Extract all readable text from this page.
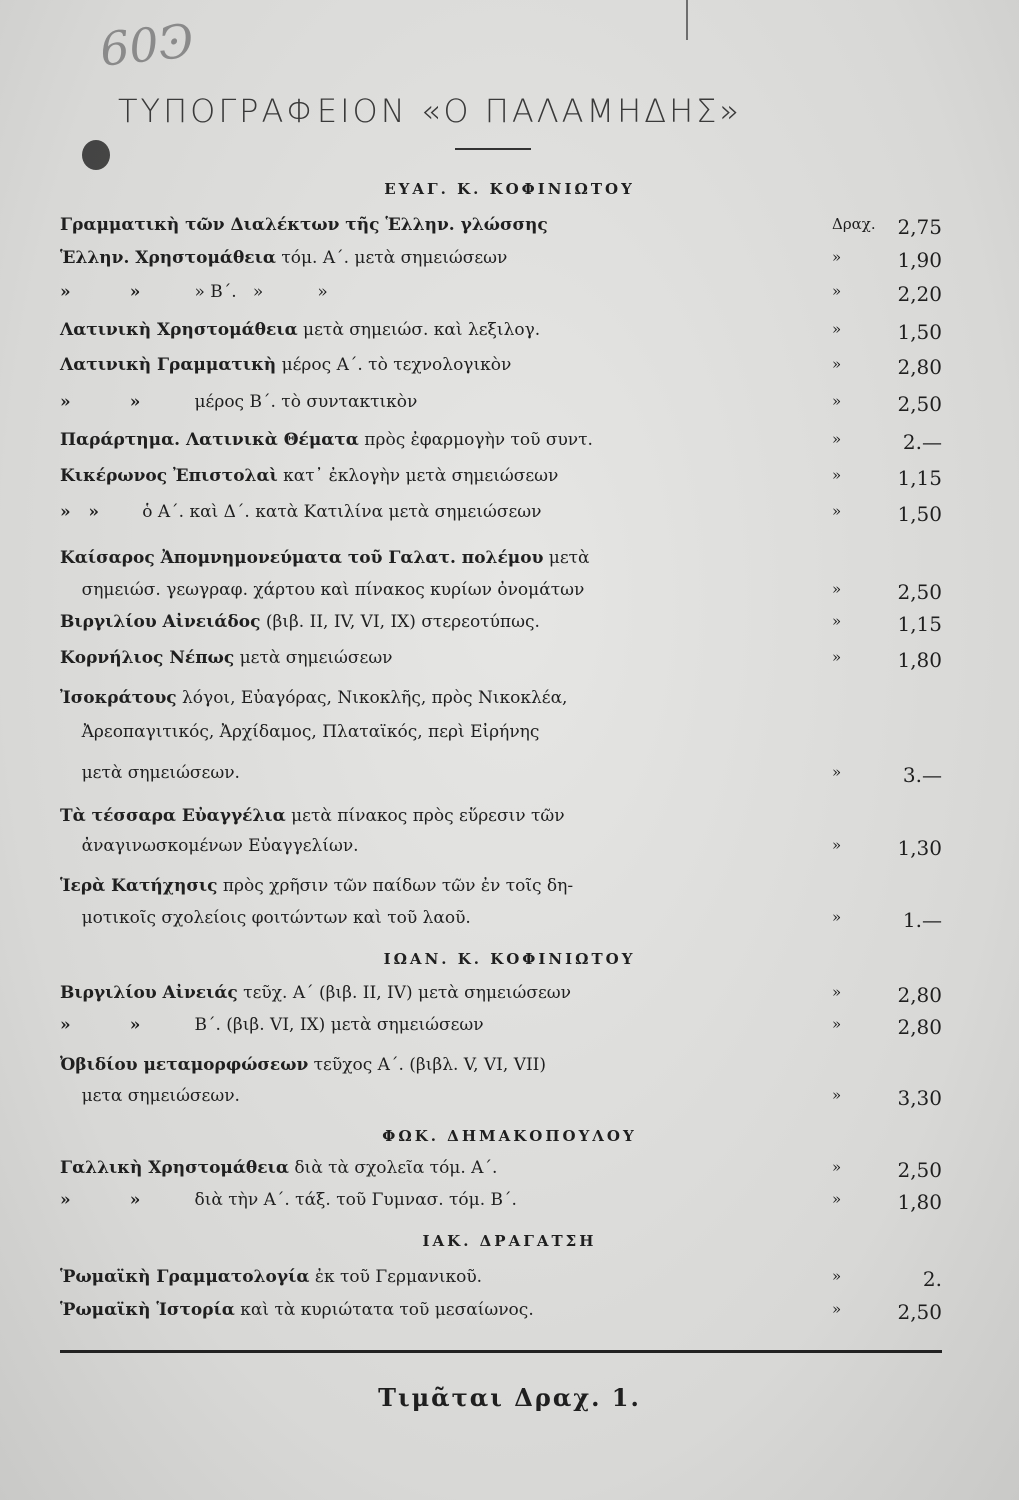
60Ͽ
ΤΥΠΟΓΡΑΦΕΙΟΝ «Ο ΠΑΛΑΜΗΔΗΣ»
ΕΥΑΓ. Κ. ΚΟΦΙΝΙΩΤΟΥ
ΙΩΑΝ. Κ. ΚΟΦΙΝΙΩΤΟΥ
ΦΩΚ. ΔΗΜΑΚΟΠΟΥΛΟΥ
ΙΑΚ. ΔΡΑΓΑΤΣΗ
Γραμματικὴ τῶν Διαλέκτων τῆς Ἑλλην. γλώσσης	Δραχ. 2,75
Ἑλλην. Χρηστομάθεια τόμ. Α΄. μετὰ σημειώσεων	»	1,90
»          »          » Β΄.   »          »	»	2,20
Λατινικὴ Χρηστομάθεια μετὰ σημειώσ. καὶ λεξιλογ.	»	1,50
Λατινικὴ Γραμματικὴ μέρος Α΄. τὸ τεχνολογικὸν	»	2,80
»          »          μέρος Β΄. τὸ συντακτικὸν	»	2,50
Παράρτημα. Λατινικὰ Θέματα πρὸς ἐφαρμογὴν τοῦ συντ.	»	2.—
Κικέρωνος Ἐπιστολαὶ κατ᾽ ἐκλογὴν μετὰ σημειώσεων	»	1,15
»   »        ὁ Α΄. καὶ Δ΄. κατὰ Κατιλίνα μετὰ σημειώσεων	»	1,50
Καίσαρος Ἀπομνημονεύματα τοῦ Γαλατ. πολέμου μετὰ
σημειώσ. γεωγραφ. χάρτου καὶ πίνακος κυρίων ὀνομάτων	»	2,50
Βιργιλίου Αἰνειάδος (βιβ. ΙΙ, IV, VI, IX) στερεοτύπως.	»	1,15
Κορνήλιος Νέπως μετὰ σημειώσεων	»	1,80
Ἰσοκράτους λόγοι, Εὐαγόρας, Νικοκλῆς, πρὸς Νικοκλέα,
Ἀρεοπαγιτικός, Ἀρχίδαμος, Πλαταϊκός, περὶ Εἰρήνης
μετὰ σημειώσεων.	»	3.—
Τὰ τέσσαρα Εὐαγγέλια μετὰ πίνακος πρὸς εὕρεσιν τῶν
ἀναγινωσκομένων Εὐαγγελίων.	»	1,30
Ἱερὰ Κατήχησις πρὸς χρῆσιν τῶν παίδων τῶν ἐν τοῖς δη-
μοτικοῖς σχολείοις φοιτώντων καὶ τοῦ λαοῦ.	»	1.—
Βιργιλίου Αἰνειάς τεῦχ. Α΄ (βιβ. II, IV) μετὰ σημειώσεων	»	2,80
»          »          Β΄. (βιβ. VI, IX) μετὰ σημειώσεων	»	2,80
Ὀβιδίου μεταμορφώσεων τεῦχος Α΄. (βιβλ. V, VI, VII)
μετα σημειώσεων.	»	3,30
Γαλλικὴ Χρηστομάθεια διὰ τὰ σχολεῖα τόμ. Α΄.	»	2,50
»          »          διὰ τὴν Α΄. τάξ. τοῦ Γυμνασ. τόμ. Β΄.	»	1,80
Ῥωμαϊκὴ Γραμματολογία ἐκ τοῦ Γερμανικοῦ.	»	2.
Ῥωμαϊκὴ Ἱστορία καὶ τὰ κυριώτατα τοῦ μεσαίωνος.	»	2,50
Τιμᾶται Δραχ. 1.
